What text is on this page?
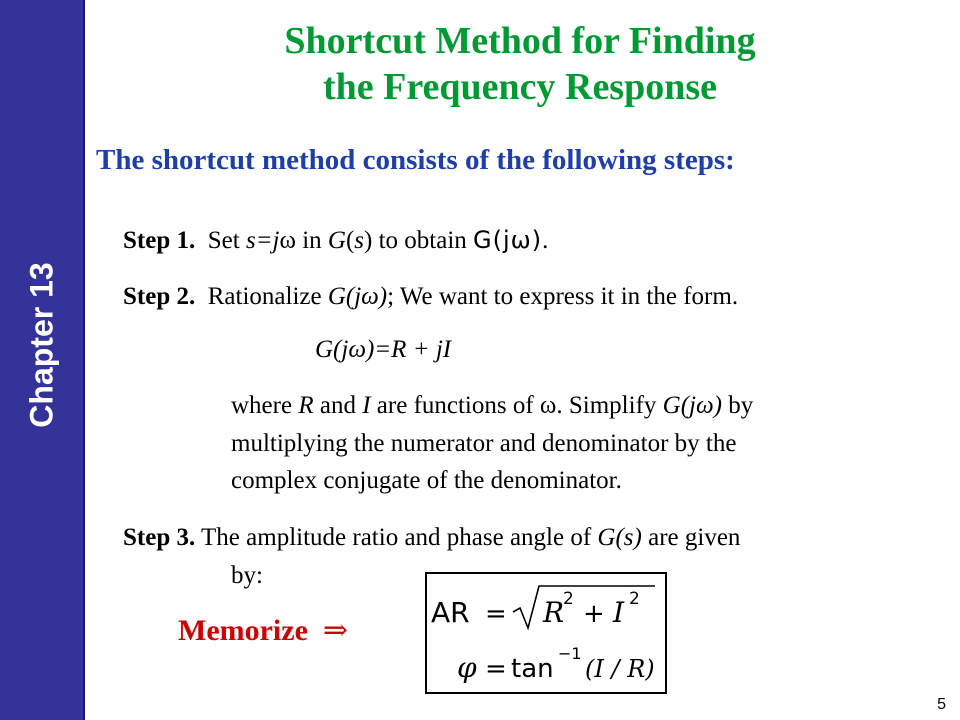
Chapter 13
Shortcut Method for Finding
the Frequency Response
The shortcut method consists of the following steps:
Step 1. Set s=jω in G(s) to obtain G(jω).
Step 2. Rationalize G(jω); We want to express it in the form.
G(jω)=R + jI
where R and I are functions of ω. Simplify G(jω) by
multiplying the numerator and denominator by the
complex conjugate of the denominator.
Step 3. The amplitude ratio and phase angle of G(s) are given
by:
Memorize ⇒
AR = R
2 + I 2
φ = tan
−1
(I / R)
5
